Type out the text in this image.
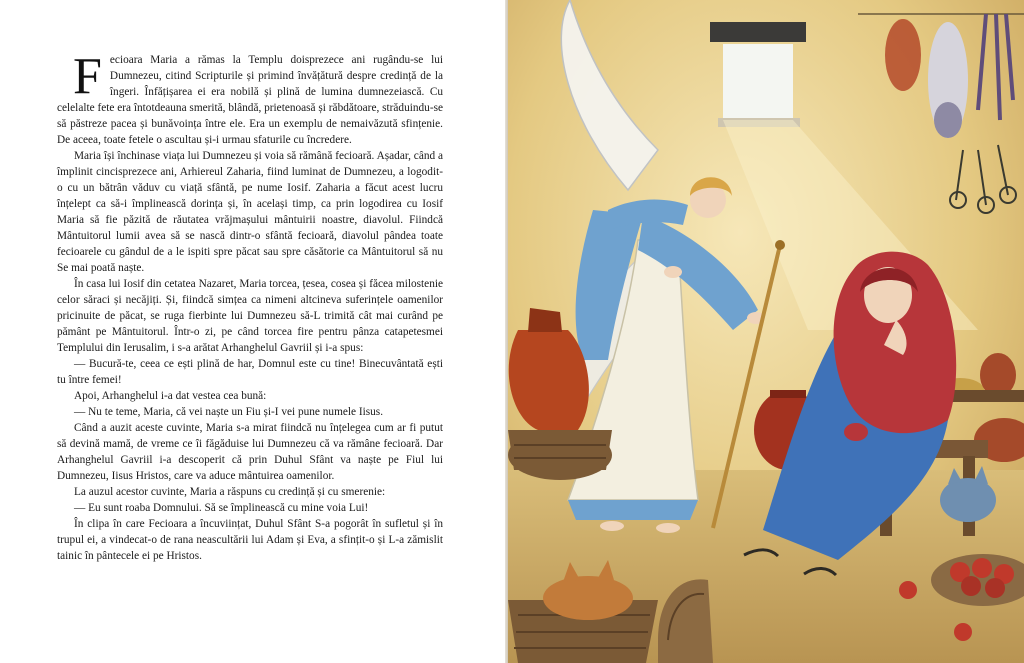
Fecioara Maria a rămas la Templu doisprezece ani rugându-se lui Dumnezeu, citind Scripturile și primind învățătură despre credință de la îngeri. Înfățișarea ei era nobilă și plină de lumina dumnezeiască. Cu celelalte fete era întotdeauna smerită, blândă, prietenoasă și răbdătoare, străduindu-se să păstreze pacea și bunăvoința între ele. Era un exemplu de nemaivăzută sfințenie. De aceea, toate fetele o ascultau și-i urmau sfaturile cu încredere.

Maria își închinase viața lui Dumnezeu și voia să rămână fecioară. Așadar, când a împlinit cincisprezece ani, Arhiereul Zaharia, fiind luminat de Dumnezeu, a logodit-o cu un bătrân văduv cu viață sfântă, pe nume Iosif. Zaharia a făcut acest lucru înțelept ca să-i împlinească dorința și, în același timp, ca prin logodirea cu Iosif Maria să fie păzită de răutatea vrăjmașului mântuirii noastre, diavolul. Fiindcă Mântuitorul lumii avea să se nască dintr-o sfântă fecioară, diavolul pândea toate fecioarele cu gândul de a le ispiti spre păcat sau spre căsătorie ca Mântuitorul să nu Se mai poată naște.

În casa lui Iosif din cetatea Nazaret, Maria torcea, țesea, cosea și făcea milostenie celor săraci și necăjiți. Și, fiindcă simțea ca nimeni altcineva suferințele oamenilor pricinuite de păcat, se ruga fierbinte lui Dumnezeu să-L trimită cât mai curând pe pământ pe Mântuitorul. Într-o zi, pe când torcea fire pentru pânza catapetesmei Templului din Ierusalim, i s-a arătat Arhanghelul Gavriil și i-a spus:

— Bucură-te, ceea ce ești plină de har, Domnul este cu tine! Binecuvântată ești tu între femei!

Apoi, Arhanghelul i-a dat vestea cea bună:

— Nu te teme, Maria, că vei naște un Fiu și-I vei pune numele Iisus.

Când a auzit aceste cuvinte, Maria s-a mirat fiindcă nu înțelegea cum ar fi putut să devină mamă, de vreme ce îi făgăduise lui Dumnezeu că va rămâne fecioară. Dar Arhanghelul Gavriil i-a descoperit că prin Duhul Sfânt va naște pe Fiul lui Dumnezeu, Iisus Hristos, care va aduce mântuirea oamenilor.

La auzul acestor cuvinte, Maria a răspuns cu credință și cu smerenie:

— Eu sunt roaba Domnului. Să se împlinească cu mine voia Lui!

În clipa în care Fecioara a încuviințat, Duhul Sfânt S-a pogorât în sufletul și în trupul ei, a vindecat-o de rana neascultării lui Adam și Eva, a sfințit-o și L-a zămislit tainic în pântecele ei pe Hristos.
